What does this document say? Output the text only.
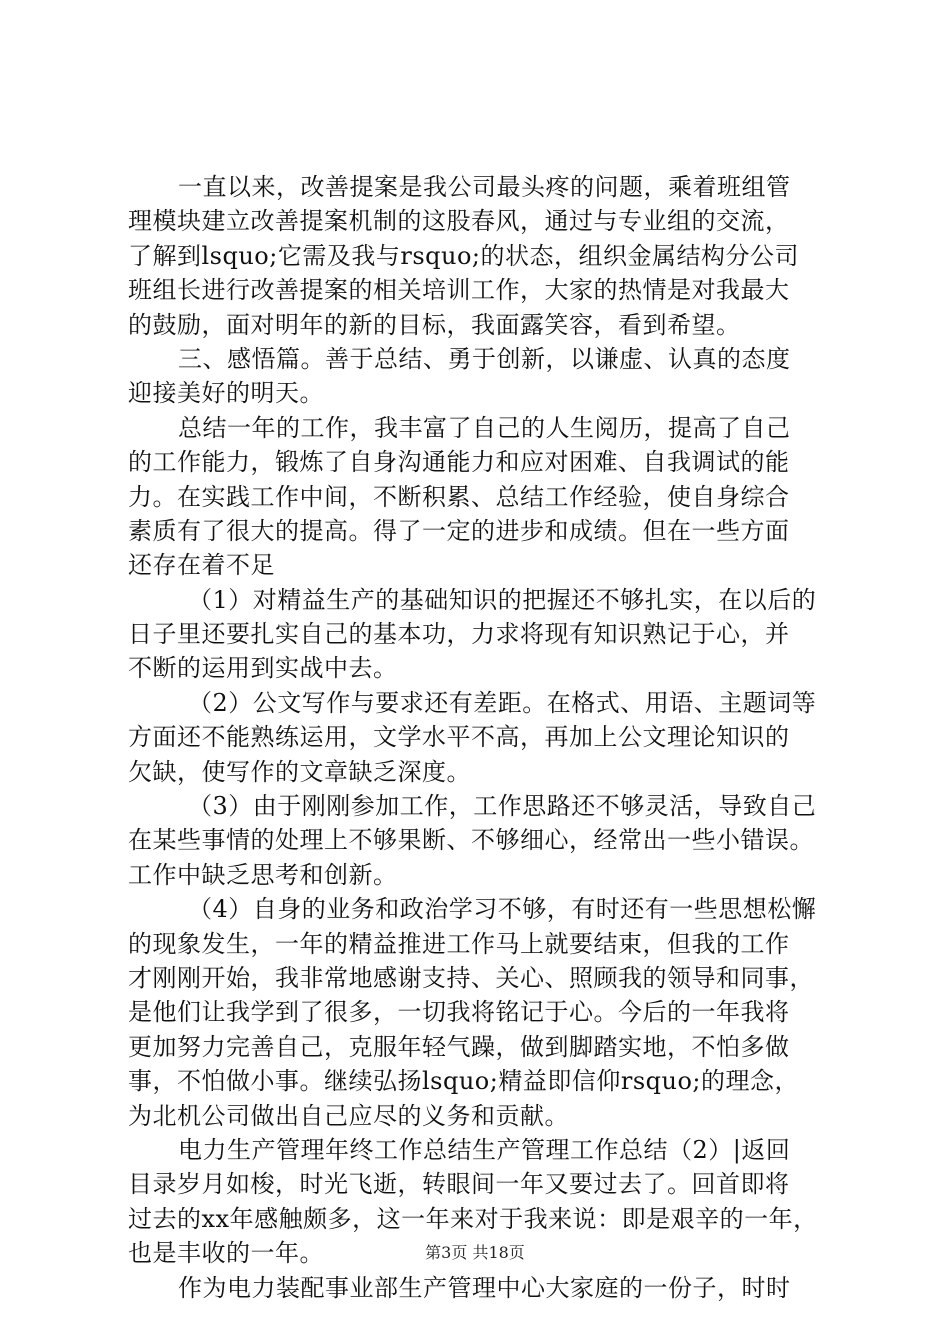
一直以来，改善提案是我公司最头疼的问题，乘着班组管
理模块建立改善提案机制的这股春风，通过与专业组的交流，
了解到lsquo;它需及我与rsquo;的状态，组织金属结构分公司
班组长进行改善提案的相关培训工作，大家的热情是对我最大
的鼓励，面对明年的新的目标，我面露笑容，看到希望。
三、感悟篇。善于总结、勇于创新，以谦虚、认真的态度
迎接美好的明天。
总结一年的工作，我丰富了自己的人生阅历，提高了自己
的工作能力，锻炼了自身沟通能力和应对困难、自我调试的能
力。在实践工作中间，不断积累、总结工作经验，使自身综合
素质有了很大的提高。得了一定的进步和成绩。但在一些方面
还存在着不足
（1）对精益生产的基础知识的把握还不够扎实，在以后的
日子里还要扎实自己的基本功，力求将现有知识熟记于心，并
不断的运用到实战中去。
（2）公文写作与要求还有差距。在格式、用语、主题词等
方面还不能熟练运用，文学水平不高，再加上公文理论知识的
欠缺，使写作的文章缺乏深度。
（3）由于刚刚参加工作，工作思路还不够灵活，导致自己
在某些事情的处理上不够果断、不够细心，经常出一些小错误。
工作中缺乏思考和创新。
（4）自身的业务和政治学习不够，有时还有一些思想松懈
的现象发生，一年的精益推进工作马上就要结束，但我的工作
才刚刚开始，我非常地感谢支持、关心、照顾我的领导和同事，
是他们让我学到了很多，一切我将铭记于心。今后的一年我将
更加努力完善自己，克服年轻气躁，做到脚踏实地，不怕多做
事，不怕做小事。继续弘扬lsquo;精益即信仰rsquo;的理念，
为北机公司做出自己应尽的义务和贡献。
电力生产管理年终工作总结生产管理工作总结（2）|返回
目录岁月如梭，时光飞逝，转眼间一年又要过去了。回首即将
过去的xx年感触颇多，这一年来对于我来说：即是艰辛的一年，
也是丰收的一年。
作为电力装配事业部生产管理中心大家庭的一份子，时时
第3页 共18页
